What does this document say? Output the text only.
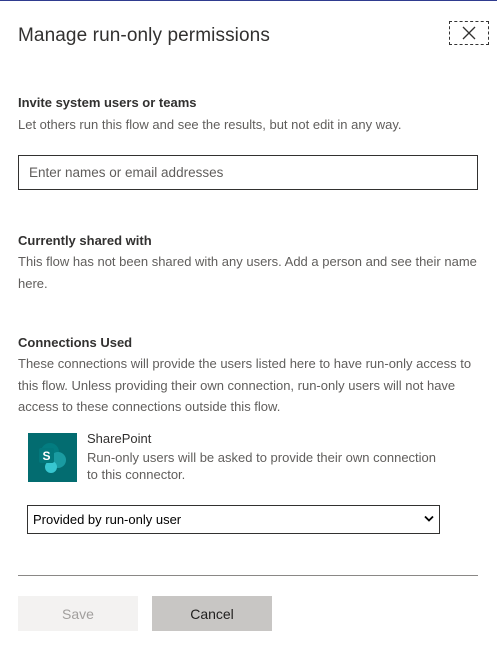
Manage run-only permissions
Invite system users or teams
Let others run this flow and see the results, but not edit in any way.
Enter names or email addresses
Currently shared with
This flow has not been shared with any users. Add a person and see their name here.
Connections Used
These connections will provide the users listed here to have run-only access to this flow. Unless providing their own connection, run-only users will not have access to these connections outside this flow.
S
SharePoint
Run-only users will be asked to provide their own connection to this connector.
Provided by run-only user
Save	Cancel
